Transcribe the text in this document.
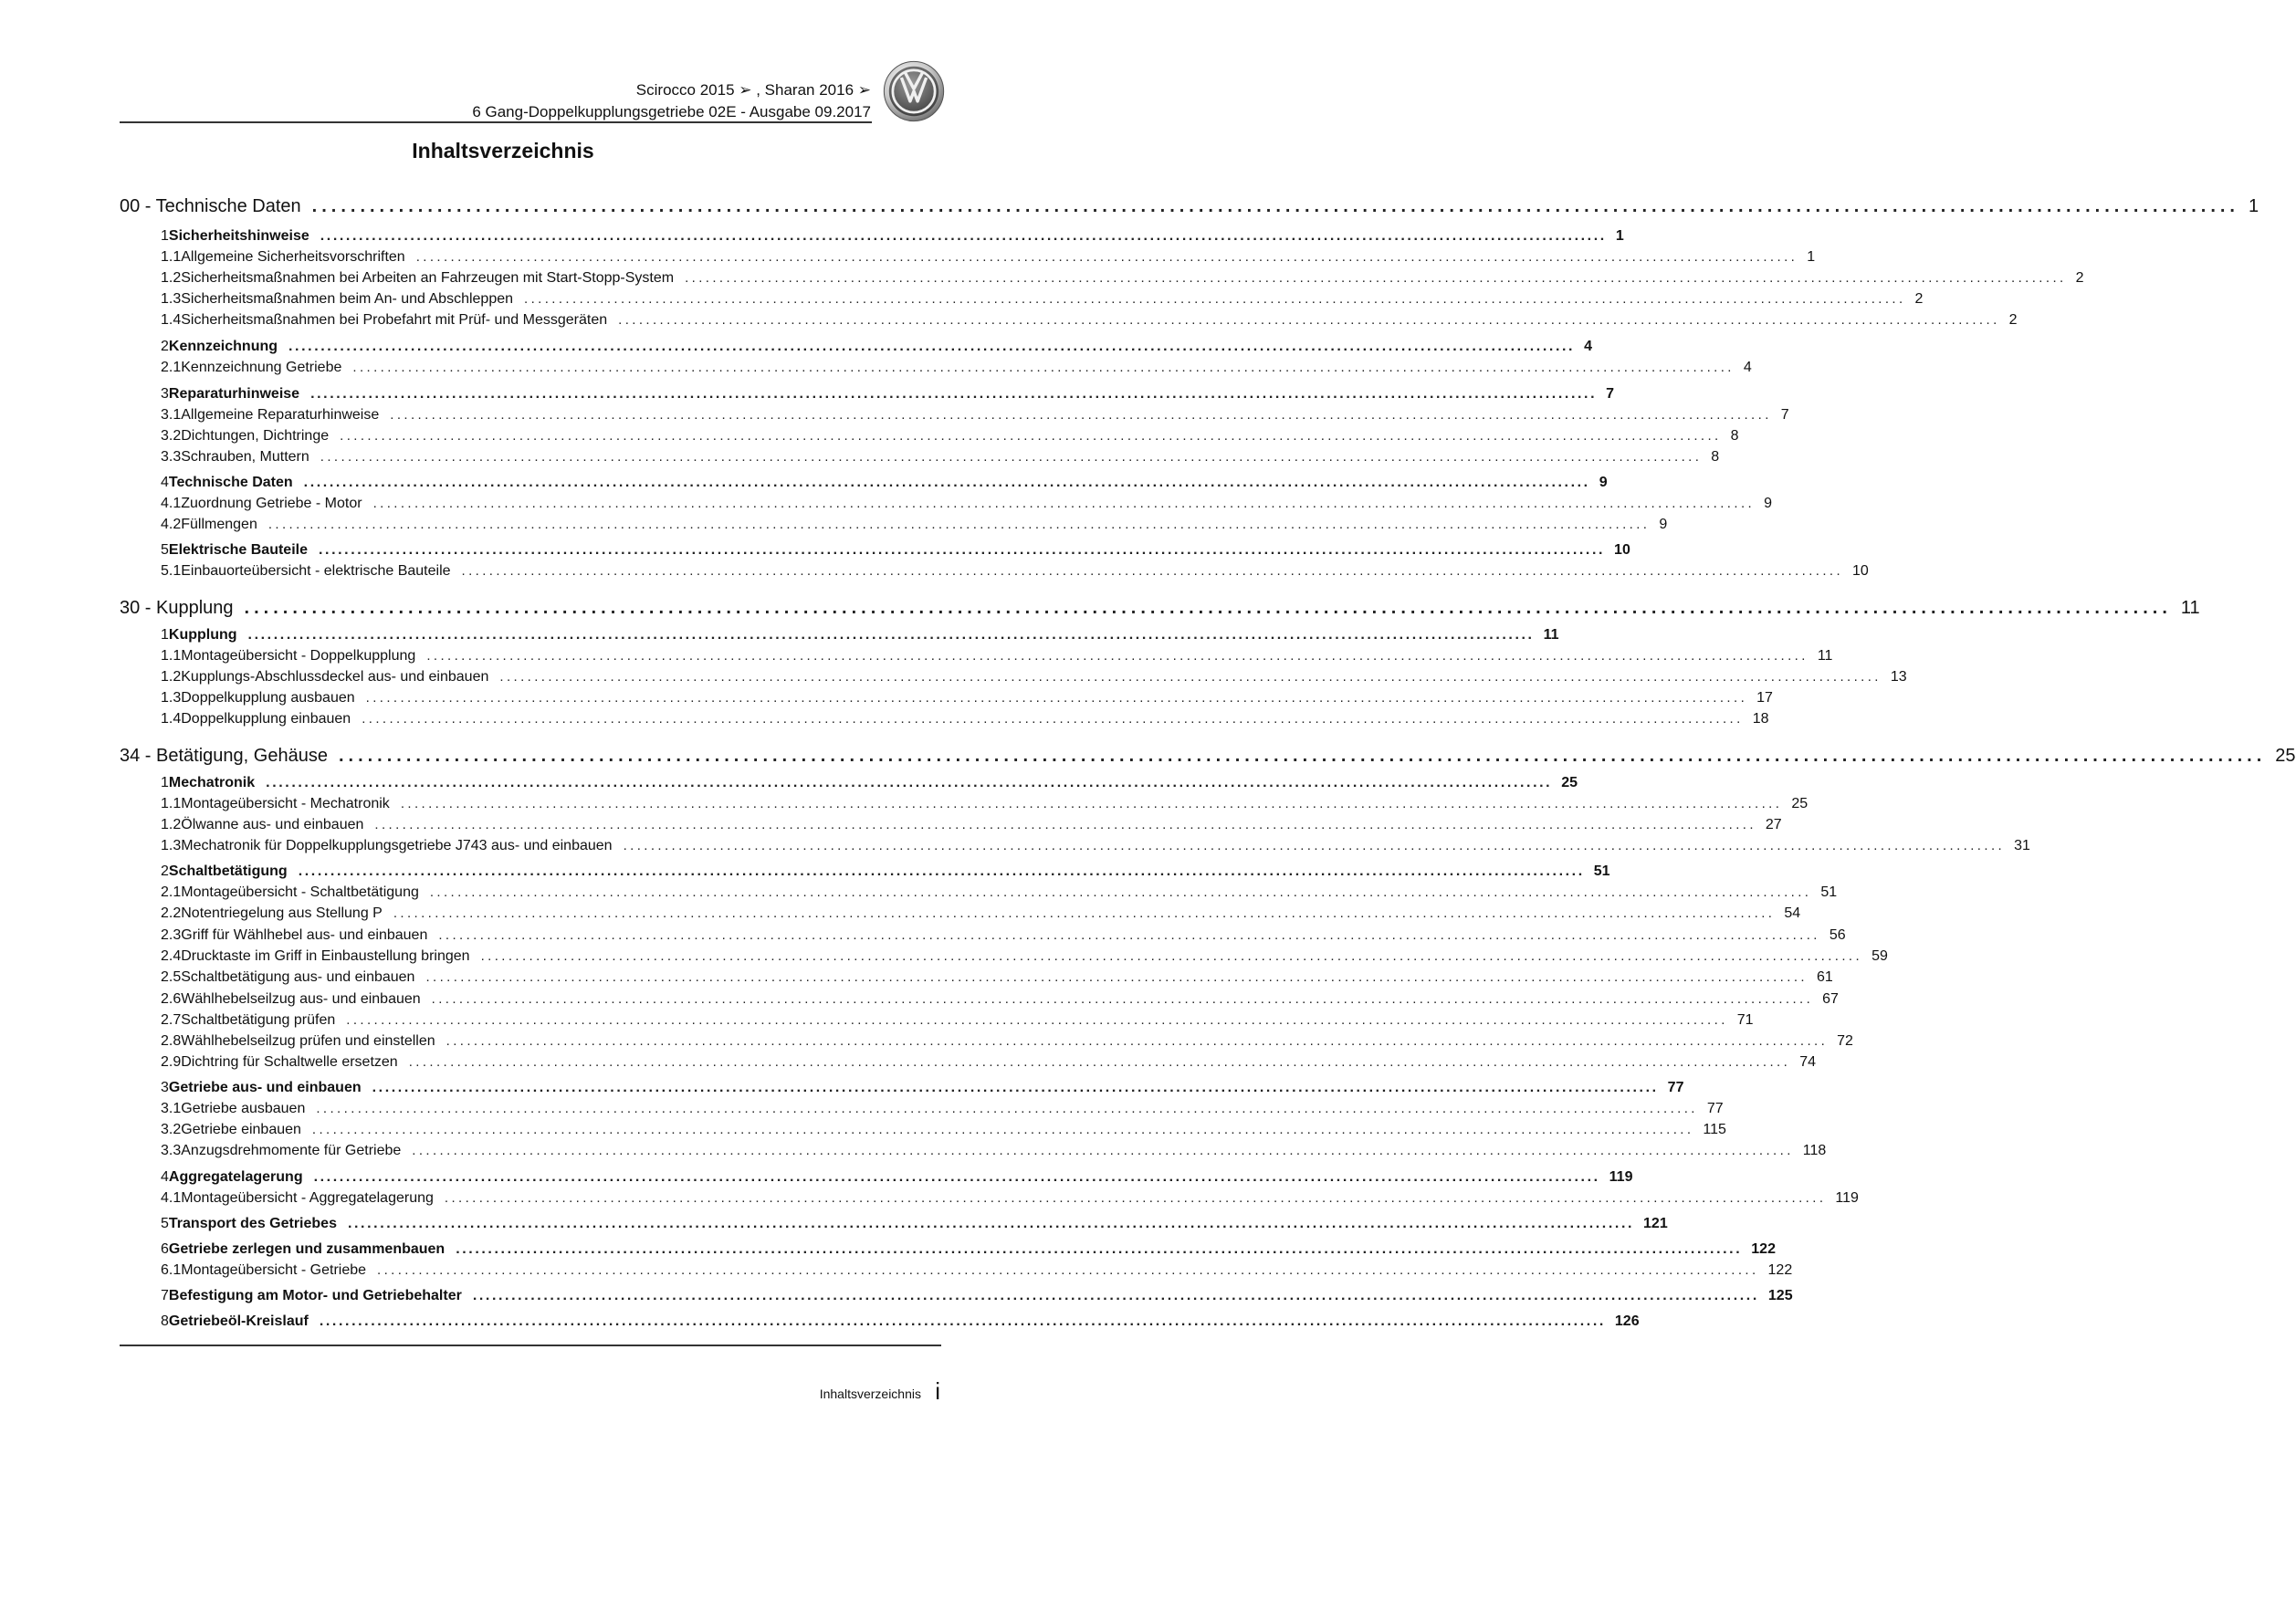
Scirocco 2015 ➢ , Sharan 2016 ➢
6 Gang-Doppelkupplungsgetriebe 02E - Ausgabe 09.2017
Inhaltsverzeichnis
00 - Technische Daten ........................................................................................................................................................................................................ 1
1 Sicherheitshinweise ........................................................................................................................................................................................................ 1
1.1 Allgemeine Sicherheitsvorschriften ........................................................................................................................................................................................................ 1
1.2 Sicherheitsmaßnahmen bei Arbeiten an Fahrzeugen mit Start-Stopp-System ........................................................................................................................................................................................................ 2
1.3 Sicherheitsmaßnahmen beim An- und Abschleppen ........................................................................................................................................................................................................ 2
1.4 Sicherheitsmaßnahmen bei Probefahrt mit Prüf- und Messgeräten ........................................................................................................................................................................................................ 2
2 Kennzeichnung ........................................................................................................................................................................................................ 4
2.1 Kennzeichnung Getriebe ........................................................................................................................................................................................................ 4
3 Reparaturhinweise ........................................................................................................................................................................................................ 7
3.1 Allgemeine Reparaturhinweise ........................................................................................................................................................................................................ 7
3.2 Dichtungen, Dichtringe ........................................................................................................................................................................................................ 8
3.3 Schrauben, Muttern ........................................................................................................................................................................................................ 8
4 Technische Daten ........................................................................................................................................................................................................ 9
4.1 Zuordnung Getriebe - Motor ........................................................................................................................................................................................................ 9
4.2 Füllmengen ........................................................................................................................................................................................................ 9
5 Elektrische Bauteile ........................................................................................................................................................................................................ 10
5.1 Einbauorteübersicht - elektrische Bauteile ........................................................................................................................................................................................................ 10
30 - Kupplung ........................................................................................................................................................................................................ 11
1 Kupplung ........................................................................................................................................................................................................ 11
1.1 Montageübersicht - Doppelkupplung ........................................................................................................................................................................................................ 11
1.2 Kupplungs-Abschlussdeckel aus- und einbauen ........................................................................................................................................................................................................ 13
1.3 Doppelkupplung ausbauen ........................................................................................................................................................................................................ 17
1.4 Doppelkupplung einbauen ........................................................................................................................................................................................................ 18
34 - Betätigung, Gehäuse ........................................................................................................................................................................................................ 25
1 Mechatronik ........................................................................................................................................................................................................ 25
1.1 Montageübersicht - Mechatronik ........................................................................................................................................................................................................ 25
1.2 Ölwanne aus- und einbauen ........................................................................................................................................................................................................ 27
1.3 Mechatronik für Doppelkupplungsgetriebe J743 aus- und einbauen ........................................................................................................................................................................................................ 31
2 Schaltbetätigung ........................................................................................................................................................................................................ 51
2.1 Montageübersicht - Schaltbetätigung ........................................................................................................................................................................................................ 51
2.2 Notentriegelung aus Stellung P ........................................................................................................................................................................................................ 54
2.3 Griff für Wählhebel aus- und einbauen ........................................................................................................................................................................................................ 56
2.4 Drucktaste im Griff in Einbaustellung bringen ........................................................................................................................................................................................................ 59
2.5 Schaltbetätigung aus- und einbauen ........................................................................................................................................................................................................ 61
2.6 Wählhebelseilzug aus- und einbauen ........................................................................................................................................................................................................ 67
2.7 Schaltbetätigung prüfen ........................................................................................................................................................................................................ 71
2.8 Wählhebelseilzug prüfen und einstellen ........................................................................................................................................................................................................ 72
2.9 Dichtring für Schaltwelle ersetzen ........................................................................................................................................................................................................ 74
3 Getriebe aus- und einbauen ........................................................................................................................................................................................................ 77
3.1 Getriebe ausbauen ........................................................................................................................................................................................................ 77
3.2 Getriebe einbauen ........................................................................................................................................................................................................ 115
3.3 Anzugsdrehmomente für Getriebe ........................................................................................................................................................................................................ 118
4 Aggregatelagerung ........................................................................................................................................................................................................ 119
4.1 Montageübersicht - Aggregatelagerung ........................................................................................................................................................................................................ 119
5 Transport des Getriebes ........................................................................................................................................................................................................ 121
6 Getriebe zerlegen und zusammenbauen ........................................................................................................................................................................................................ 122
6.1 Montageübersicht - Getriebe ........................................................................................................................................................................................................ 122
7 Befestigung am Motor- und Getriebehalter ........................................................................................................................................................................................................ 125
8 Getriebeöl-Kreislauf ........................................................................................................................................................................................................ 126
Inhaltsverzeichnis i
